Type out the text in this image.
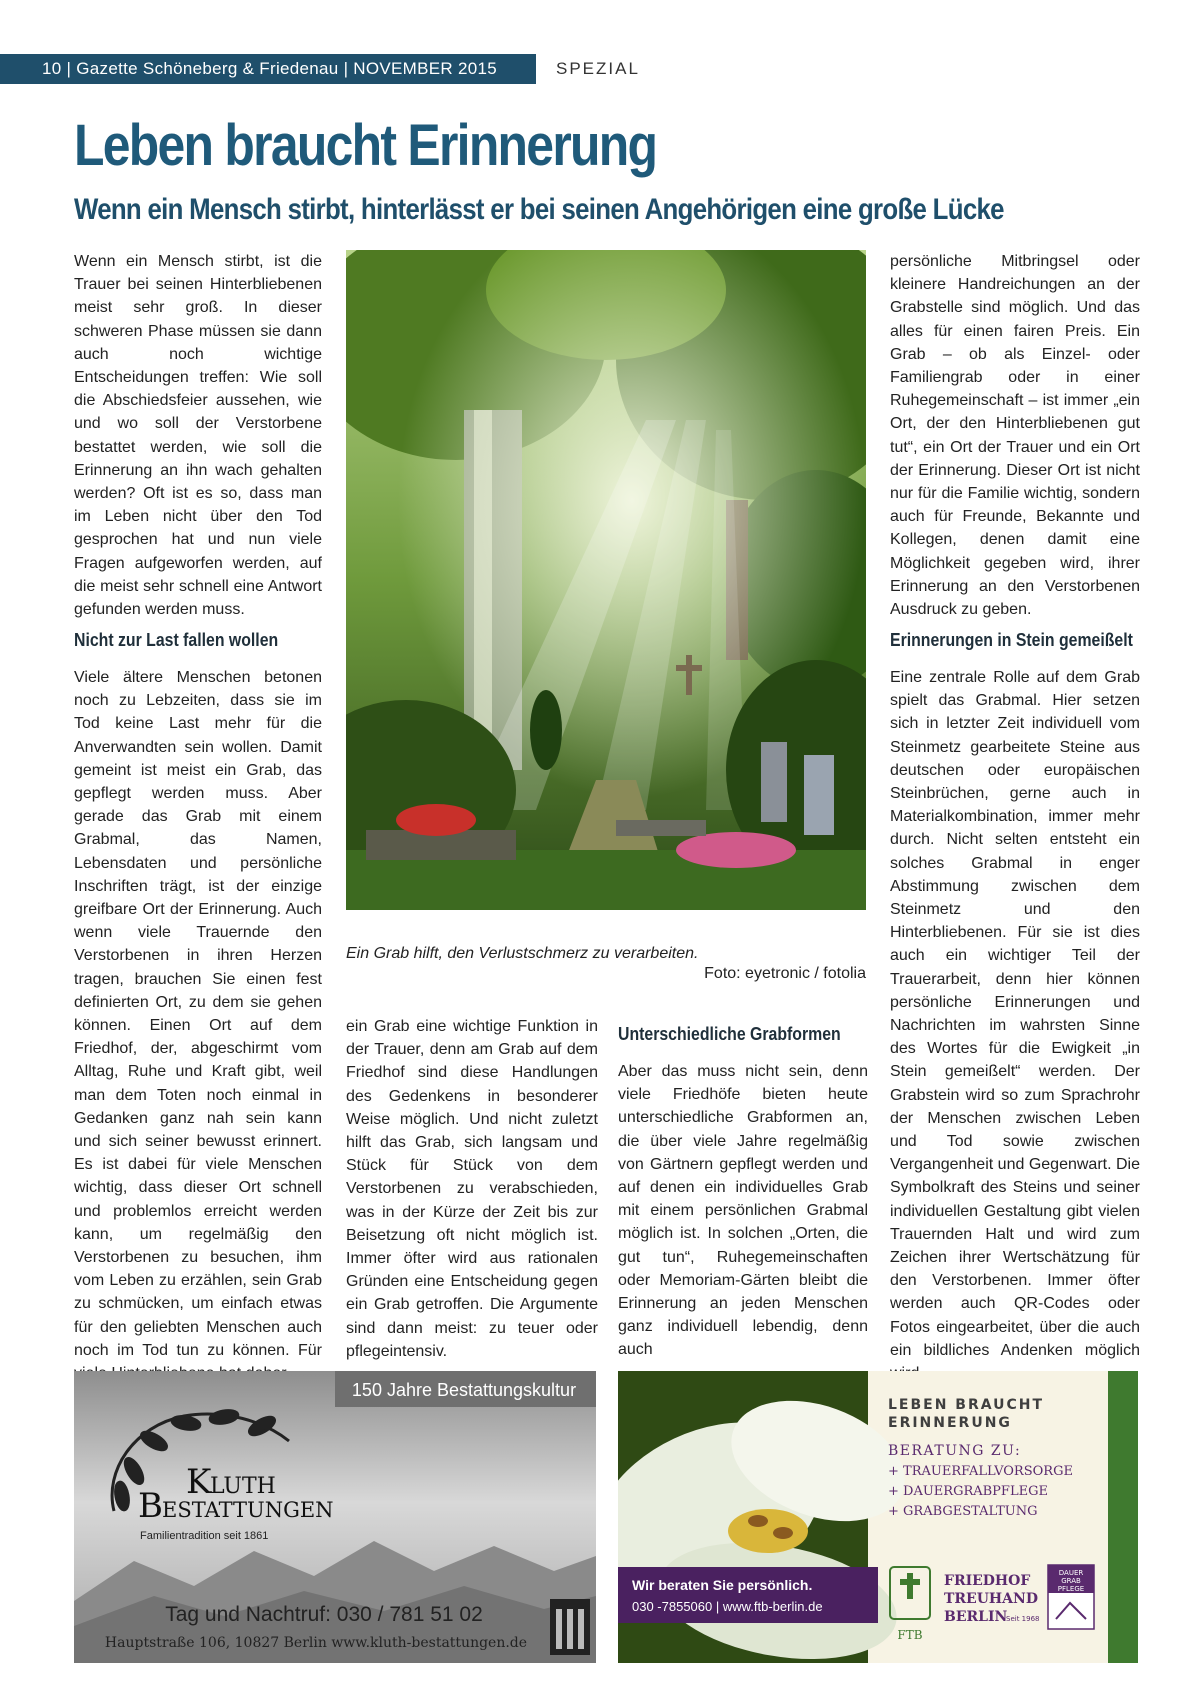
10 | Gazette Schöneberg & Friedenau | NOVEMBER 2015	SPEZIAL
Leben braucht Erinnerung
Wenn ein Mensch stirbt, hinterlässt er bei seinen Angehörigen eine große Lücke

Wenn ein Mensch stirbt, ist die Trauer bei seinen Hinterbliebenen meist sehr groß. In dieser schweren Phase müssen sie dann auch noch wichtige Entscheidungen treffen: Wie soll die Abschiedsfeier aussehen, wie und wo soll der Verstorbene bestattet werden, wie soll die Erinnerung an ihn wach gehalten werden? Oft ist es so, dass man im Leben nicht über den Tod gesprochen hat und nun viele Fragen aufgeworfen werden, auf die meist sehr schnell eine Antwort gefunden werden muss.

Nicht zur Last fallen wollen

Viele ältere Menschen betonen noch zu Lebzeiten, dass sie im Tod keine Last mehr für die Anverwandten sein wollen. Damit gemeint ist meist ein Grab, das gepflegt werden muss. Aber gerade das Grab mit einem Grabmal, das Namen, Lebensdaten und persönliche Inschriften trägt, ist der einzige greifbare Ort der Erinnerung. Auch wenn viele Trauernde den Verstorbenen in ihren Herzen tragen, brauchen Sie einen fest definierten Ort, zu dem sie gehen können. Einen Ort auf dem Friedhof, der, abgeschirmt vom Alltag, Ruhe und Kraft gibt, weil man dem Toten noch einmal in Gedanken ganz nah sein kann und sich seiner bewusst erinnert. Es ist dabei für viele Menschen wichtig, dass dieser Ort schnell und problemlos erreicht werden kann, um regelmäßig den Verstorbenen zu besuchen, ihm vom Leben zu erzählen, sein Grab zu schmücken, um einfach etwas für den geliebten Menschen auch noch im Tod tun zu können. Für

Ein Grab hilft, den Verlustschmerz zu verarbeiten.
Foto: eyetronic / fotolia

ein Grab eine wichtige Funktion in der Trauer, denn am Grab auf dem Friedhof sind diese Handlungen des Gedenkens in besonderer Weise möglich. Und nicht zuletzt hilft das Grab, sich langsam und Stück für Stück von dem Verstorbenen zu verabschieden, was in der Kürze der Zeit bis zur Beisetzung oft nicht möglich ist. Immer öfter wird aus rationalen Gründen eine Entscheidung gegen ein Grab getroffen. Die Argumente sind dann meist: zu teuer oder pflegeintensiv.

Unterschiedliche Grabformen

Aber das muss nicht sein, denn viele Friedhöfe bieten heute unterschiedliche Grabformen an, die über viele Jahre regelmäßig von Gärtnern gepflegt werden und auf denen ein individuelles Grab mit einem persönlichen Grabmal möglich ist. In solchen „Orten, die gut tun“, Ruhegemeinschaften oder Memoriam-Gärten bleibt die Erinnerung an jeden Menschen ganz individuell lebendig, denn auch

persönliche Mitbringsel oder kleinere Handreichungen an der Grabstelle sind möglich. Und das alles für einen fairen Preis. Ein Grab – ob als Einzel- oder Familiengrab oder in einer Ruhegemeinschaft – ist immer „ein Ort, der den Hinterbliebenen gut tut“, ein Ort der Trauer und ein Ort der Erinnerung. Dieser Ort ist nicht nur für die Familie wichtig, sondern auch für Freunde, Bekannte und Kollegen, denen damit eine Möglichkeit gegeben wird, ihrer Erinnerung an den Verstorbenen Ausdruck zu geben.

Erinnerungen in Stein gemeißelt

Eine zentrale Rolle auf dem Grab spielt das Grabmal. Hier setzen sich in letzter Zeit individuell vom Steinmetz gearbeitete Steine aus deutschen oder europäischen Steinbrüchen, gerne auch in Materialkombination, immer mehr durch. Nicht selten entsteht ein solches Grabmal in enger Abstimmung zwischen dem Steinmetz und den Hinterbliebenen. Für sie ist dies auch ein wichtiger Teil der Trauerarbeit, denn hier können persönliche Erinnerungen und Nachrichten im wahrsten Sinne des Wortes für die Ewigkeit „in Stein gemeißelt“ werden. Der Grabstein wird so zum Sprachrohr der Menschen zwischen Leben und Tod sowie zwischen Vergangenheit und Gegenwart. Die Symbolkraft des Steins und seiner individuellen Gestaltung gibt vielen Trauernden Halt und wird zum Zeichen ihrer Wertschätzung für den Verstorbenen. Immer öfter werden auch QR-Codes oder Fotos eingearbeitet, über die auch ein bildliches Andenken möglich

150 Jahre Bestattungskultur
K
LUTH
B ESTATTUNGEN
Familientradition seit 1861
Tag und Nachtruf: 030 / 781 51 02
Hauptstraße 106, 10827 Berlin www.kluth-bestattungen.de
LEBEN BRAUCHT
ERINNERUNG
BERATUNG ZU:
+ TRAUERFALLVORSORGE
+ DAUERGRABPFLEGE
+ GRABGESTALTUNG
Wir beraten Sie persönlich.
030 -7855060 | www.ftb-berlin.de
FTB
FRIEDHOF
TREUHAND
BERLIN
Seit 1968
DAUER
GRAB
PFLEGE
